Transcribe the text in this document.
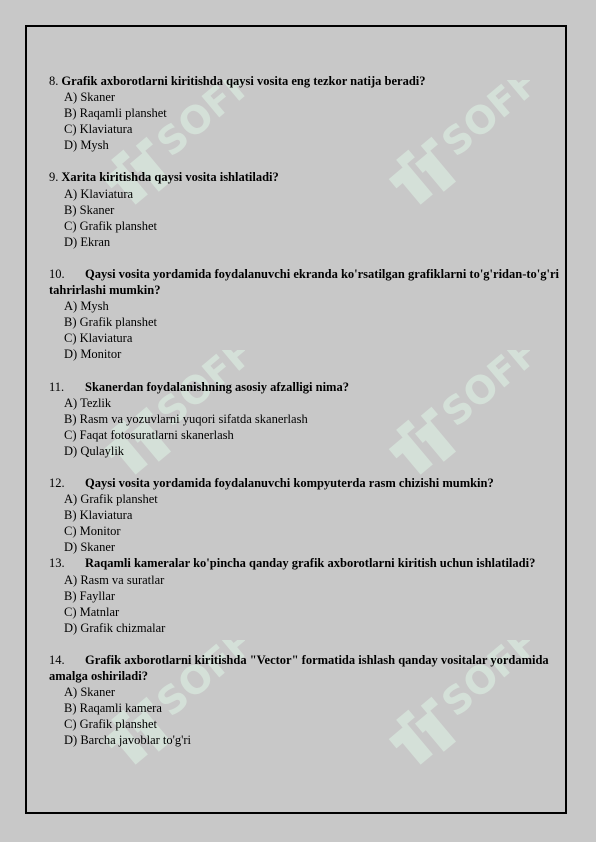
SOFF	SOFF
SOFF	SOFF
SOFF	SOFF
8. Grafik axborotlarni kiritishda qaysi vosita eng tezkor natija beradi?
A) Skaner
B) Raqamli planshet
C) Klaviatura
D) Mysh
9. Xarita kiritishda qaysi vosita ishlatiladi?
A) Klaviatura
B) Skaner
C) Grafik planshet
D) Ekran
10. Qaysi vosita yordamida foydalanuvchi ekranda ko'rsatilgan grafiklarni to'g'ridan-to'g'ri tahrirlashi mumkin?
A) Mysh
B) Grafik planshet
C) Klaviatura
D) Monitor
11.	Skanerdan foydalanishning asosiy afzalligi nima?
A) Tezlik
B) Rasm va yozuvlarni yuqori sifatda skanerlash
C) Faqat fotosuratlarni skanerlash
D) Qulaylik
12.	Qaysi vosita yordamida foydalanuvchi kompyuterda rasm chizishi mumkin?
A) Grafik planshet
B) Klaviatura
C) Monitor
D) Skaner
13. Raqamli kameralar ko'pincha qanday grafik axborotlarni kiritish uchun ishlatiladi?
A) Rasm va suratlar
B) Fayllar
C) Matnlar
D) Grafik chizmalar
14. Grafik axborotlarni kiritishda "Vector" formatida ishlash qanday vositalar yordamida amalga oshiriladi?
A) Skaner
B) Raqamli kamera
C) Grafik planshet
D) Barcha javoblar to'g'ri
